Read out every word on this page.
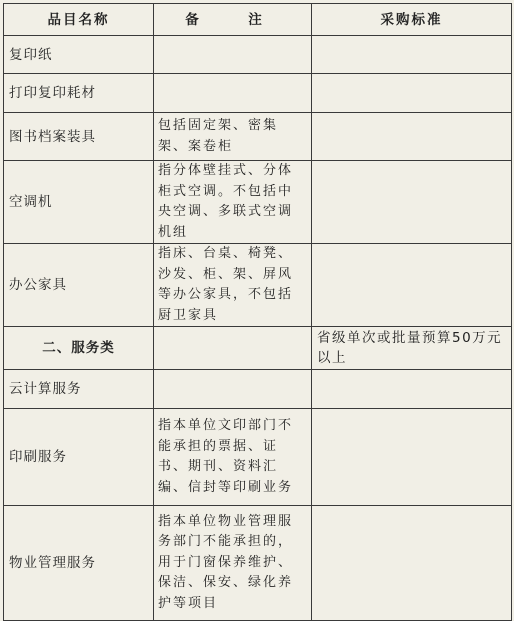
品目名称	备　注	采购标准
复印纸		
打印复印耗材		
图书档案装具	包括固定架、密集架、案卷柜	
空调机	指分体壁挂式、分体柜式空调。不包括中央空调、多联式空调机组	
办公家具	指床、台桌、椅凳、沙发、柜、架、屏风等办公家具，不包括厨卫家具	
二、服务类		省级单次或批量预算50万元以上
云计算服务		
印刷服务	指本单位文印部门不能承担的票据、证书、期刊、资料汇编、信封等印刷业务	
物业管理服务	指本单位物业管理服务部门不能承担的，用于门窗保养维护、保洁、保安、绿化养护等项目	
